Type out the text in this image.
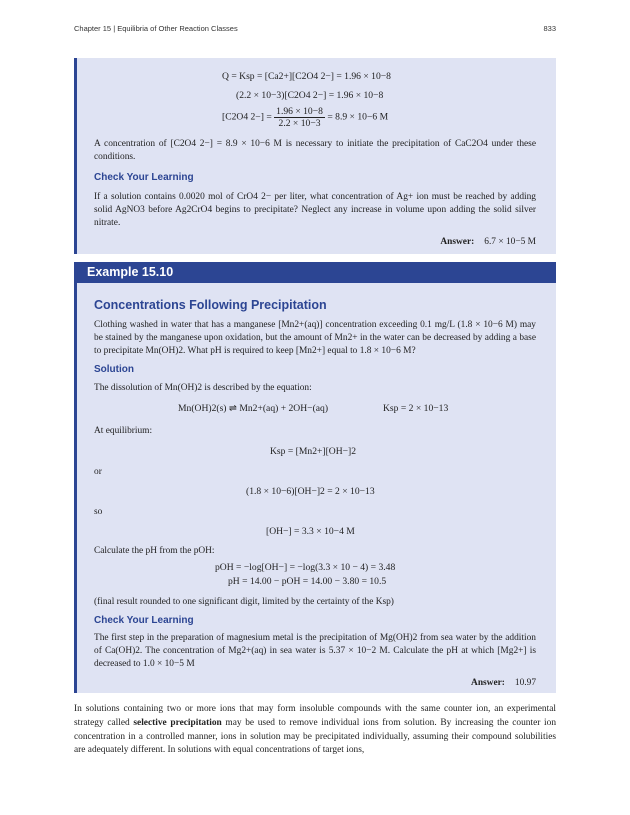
Chapter 15 | Equilibria of Other Reaction Classes	833
Q = Ksp = [Ca2+][C2O4 2−] = 1.96 × 10−8
(2.2 × 10−3)[C2O4 2−] = 1.96 × 10−8
[C2O4 $2-] = \frac{1.96 \times 10-8}{2.2 \times 10-3} = 8.9 \times 10-6$ M
A concentration of [C2O4 2−] = 8.9 × 10−6 M is necessary to initiate the precipitation of CaC2O4 under these conditions.
Check Your Learning
If a solution contains 0.0020 mol of CrO4 2− per liter, what concentration of Ag+ ion must be reached by adding solid AgNO3 before Ag2CrO4 begins to precipitate? Neglect any increase in volume upon adding the solid silver nitrate.
Answer: 6.7 × 10−5 M
Example 15.10
Concentrations Following Precipitation
Clothing washed in water that has a manganese [Mn2+(aq)] concentration exceeding 0.1 mg/L (1.8 × 10−6 M) may be stained by the manganese upon oxidation, but the amount of Mn2+ in the water can be decreased by adding a base to precipitate Mn(OH)2. What pH is required to keep [Mn2+] equal to 1.8 × 10−6 M?
Solution
The dissolution of Mn(OH)2 is described by the equation:
Mn(OH)2(s) ⇌ Mn2+(aq) + 2OH−(aq)	Ksp = 2 × 10−13
At equilibrium:
Ksp = [Mn2+][OH−]2
or
(1.8 × 10−6)[OH−]2 = 2 × 10−13
so
[OH−] = 3.3 × 10−4 M
Calculate the pH from the pOH:
pOH = −log[OH−] = −log(3.3 × 10 − 4) = 3.48
pH = 14.00 − pOH = 14.00 − 3.80 = 10.5
(final result rounded to one significant digit, limited by the certainty of the Ksp)
Check Your Learning
The first step in the preparation of magnesium metal is the precipitation of Mg(OH)2 from sea water by the addition of Ca(OH)2. The concentration of Mg2+(aq) in sea water is 5.37 × 10−2 M. Calculate the pH at which [Mg2+] is decreased to 1.0 × 10−5 M
Answer: 10.97
In solutions containing two or more ions that may form insoluble compounds with the same counter ion, an experimental strategy called selective precipitation may be used to remove individual ions from solution. By increasing the counter ion concentration in a controlled manner, ions in solution may be precipitated individually, assuming their compound solubilities are adequately different. In solutions with equal concentrations of target ions,
